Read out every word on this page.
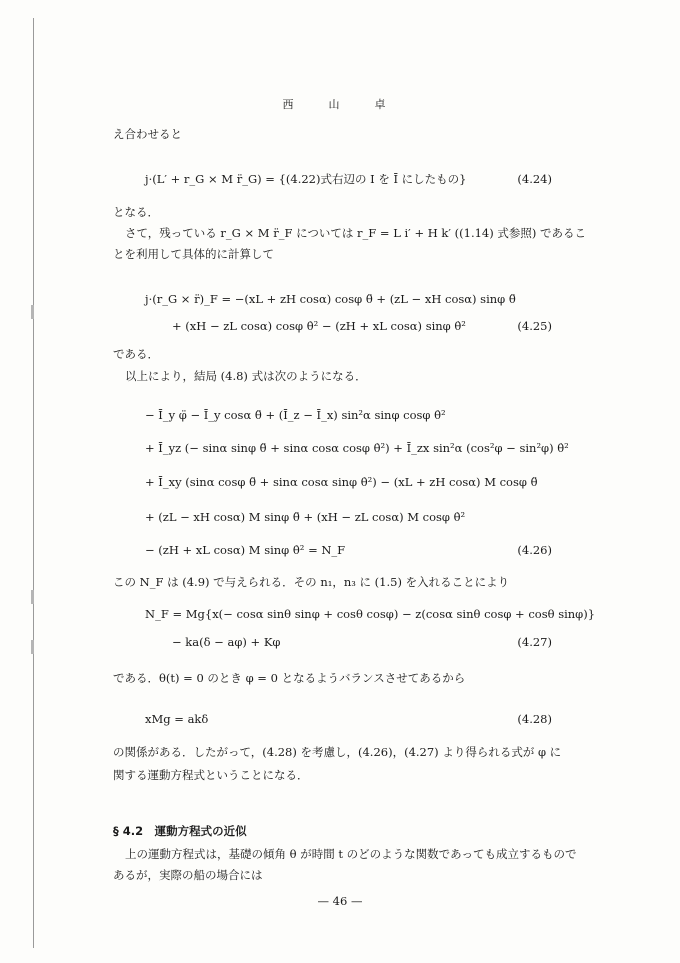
西　山　卓
え合わせると
j·(L′ + r_G × M r̈_G) = {(4.22)式右辺の I を Ī にしたもの}	(4.24)
となる．
さて，残っている r_G × M r̈_F については r_F = L i′ + H k′ ((1.14) 式参照) であるこ
とを利用して具体的に計算して
j·(r_G × r̈)_F = −(xL + zH cosα) cosφ θ̈ + (zL − xH cosα) sinφ θ̈
+ (xH − zL cosα) cosφ θ̇² − (zH + xL cosα) sinφ θ̇²	(4.25)
である．
以上により，結局 (4.8) 式は次のようになる．
− Ī_y φ̈ − Ī_y cosα θ̈ + (Ī_z − Ī_x) sin²α sinφ cosφ θ̇²
+ Ī_yz (− sinα sinφ θ̈ + sinα cosα cosφ θ̇²) + Ī_zx sin²α (cos²φ − sin²φ) θ̇²
+ Ī_xy (sinα cosφ θ̈ + sinα cosα sinφ θ̇²) − (xL + zH cosα) M cosφ θ̈
+ (zL − xH cosα) M sinφ θ̈ + (xH − zL cosα) M cosφ θ̇²
− (zH + xL cosα) M sinφ θ̇² = N_F	(4.26)
この N_F は (4.9) で与えられる．その n₁，n₃ に (1.5) を入れることにより
N_F = Mg{x(− cosα sinθ sinφ + cosθ cosφ) − z(cosα sinθ cosφ + cosθ sinφ)}
− ka(δ − aφ) + Kφ	(4.27)
である．θ(t) = 0 のとき φ = 0 となるようバランスさせてあるから
xMg = akδ	(4.28)
の関係がある．したがって，(4.28) を考慮し，(4.26)，(4.27) より得られる式が φ に
関する運動方程式ということになる．
§ 4.2　運動方程式の近似
上の運動方程式は，基礎の傾角 θ が時間 t のどのような関数であっても成立するもので
あるが，実際の船の場合には
— 46 —
